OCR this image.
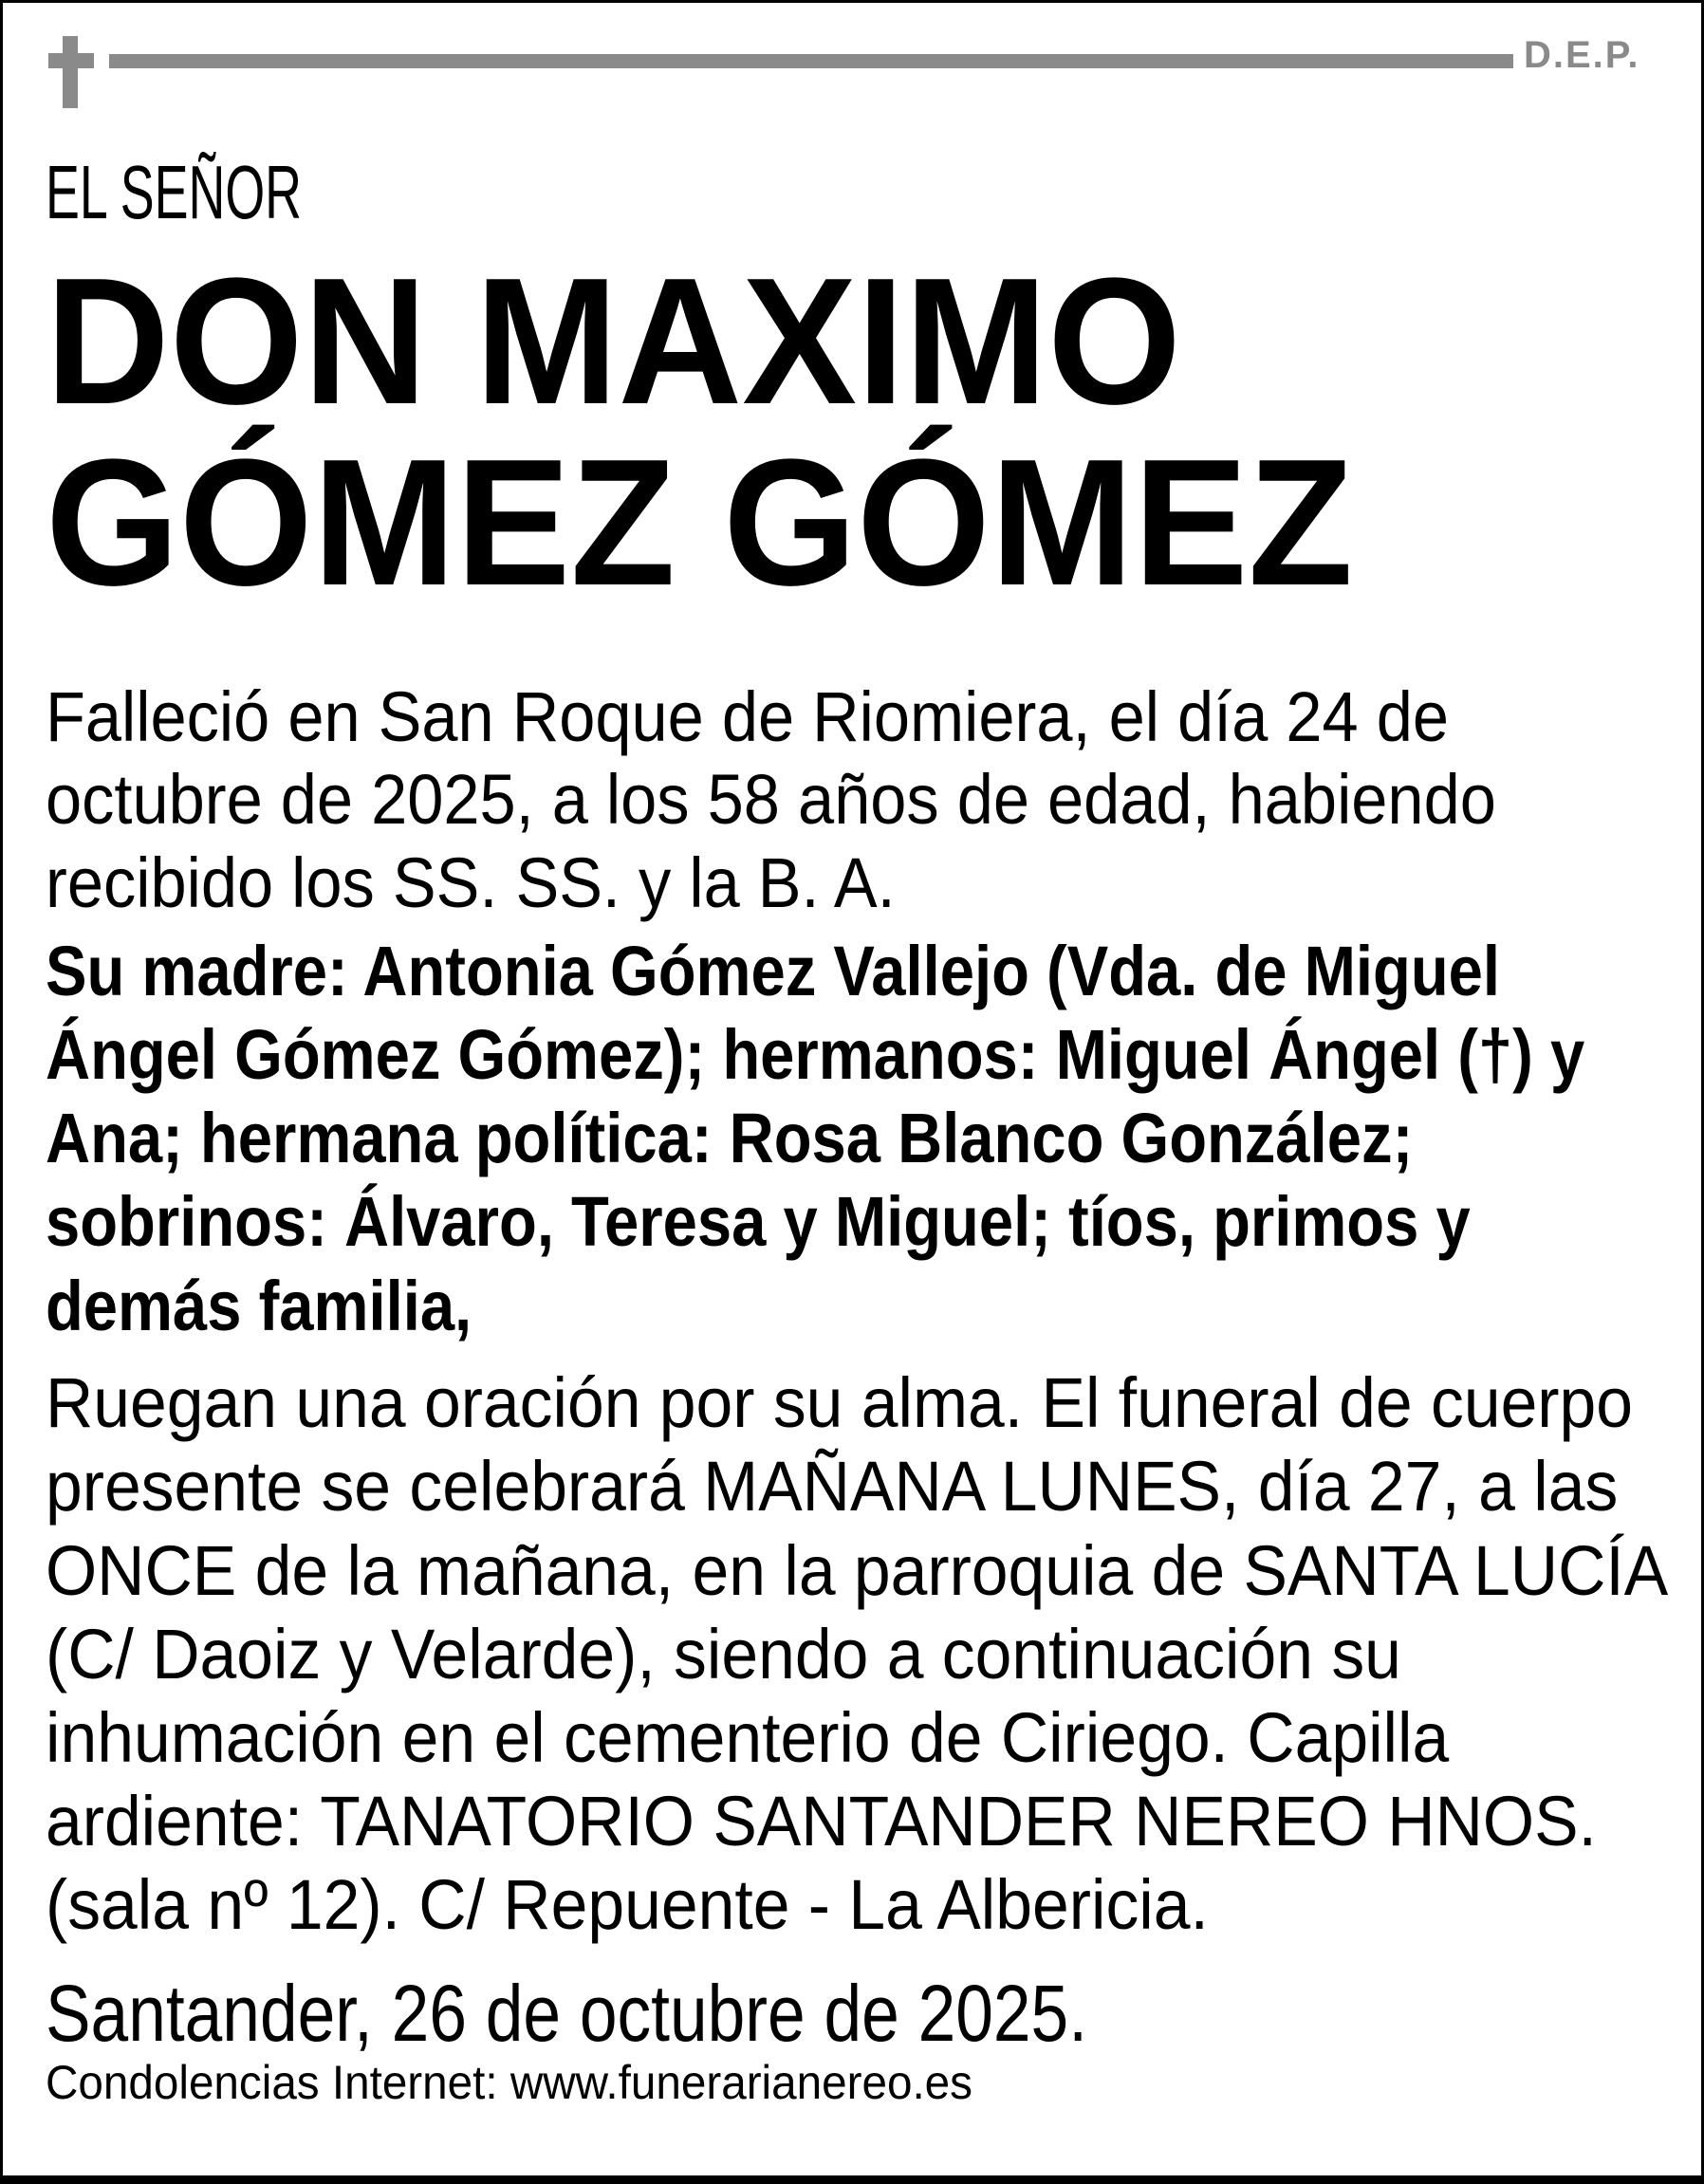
D.E.P.
EL SEÑOR
DON MAXIMO
GÓMEZ GÓMEZ
Falleció en San Roque de Riomiera, el día 24 de
octubre de 2025, a los 58 años de edad, habiendo
recibido los SS. SS. y la B. A.
Su madre: Antonia Gómez Vallejo (Vda. de Miguel
Ángel Gómez Gómez); hermanos: Miguel Ángel (†) y
Ana; hermana política: Rosa Blanco González;
sobrinos: Álvaro, Teresa y Miguel; tíos, primos y
demás familia,
Ruegan una oración por su alma. El funeral de cuerpo
presente se celebrará MAÑANA LUNES, día 27, a las
ONCE de la mañana, en la parroquia de SANTA LUCÍA
(C/ Daoiz y Velarde), siendo a continuación su
inhumación en el cementerio de Ciriego. Capilla
ardiente: TANATORIO SANTANDER NEREO HNOS.
(sala nº 12). C/ Repuente - La Albericia.
Santander, 26 de octubre de 2025.
Condolencias Internet: www.funerarianereo.es
